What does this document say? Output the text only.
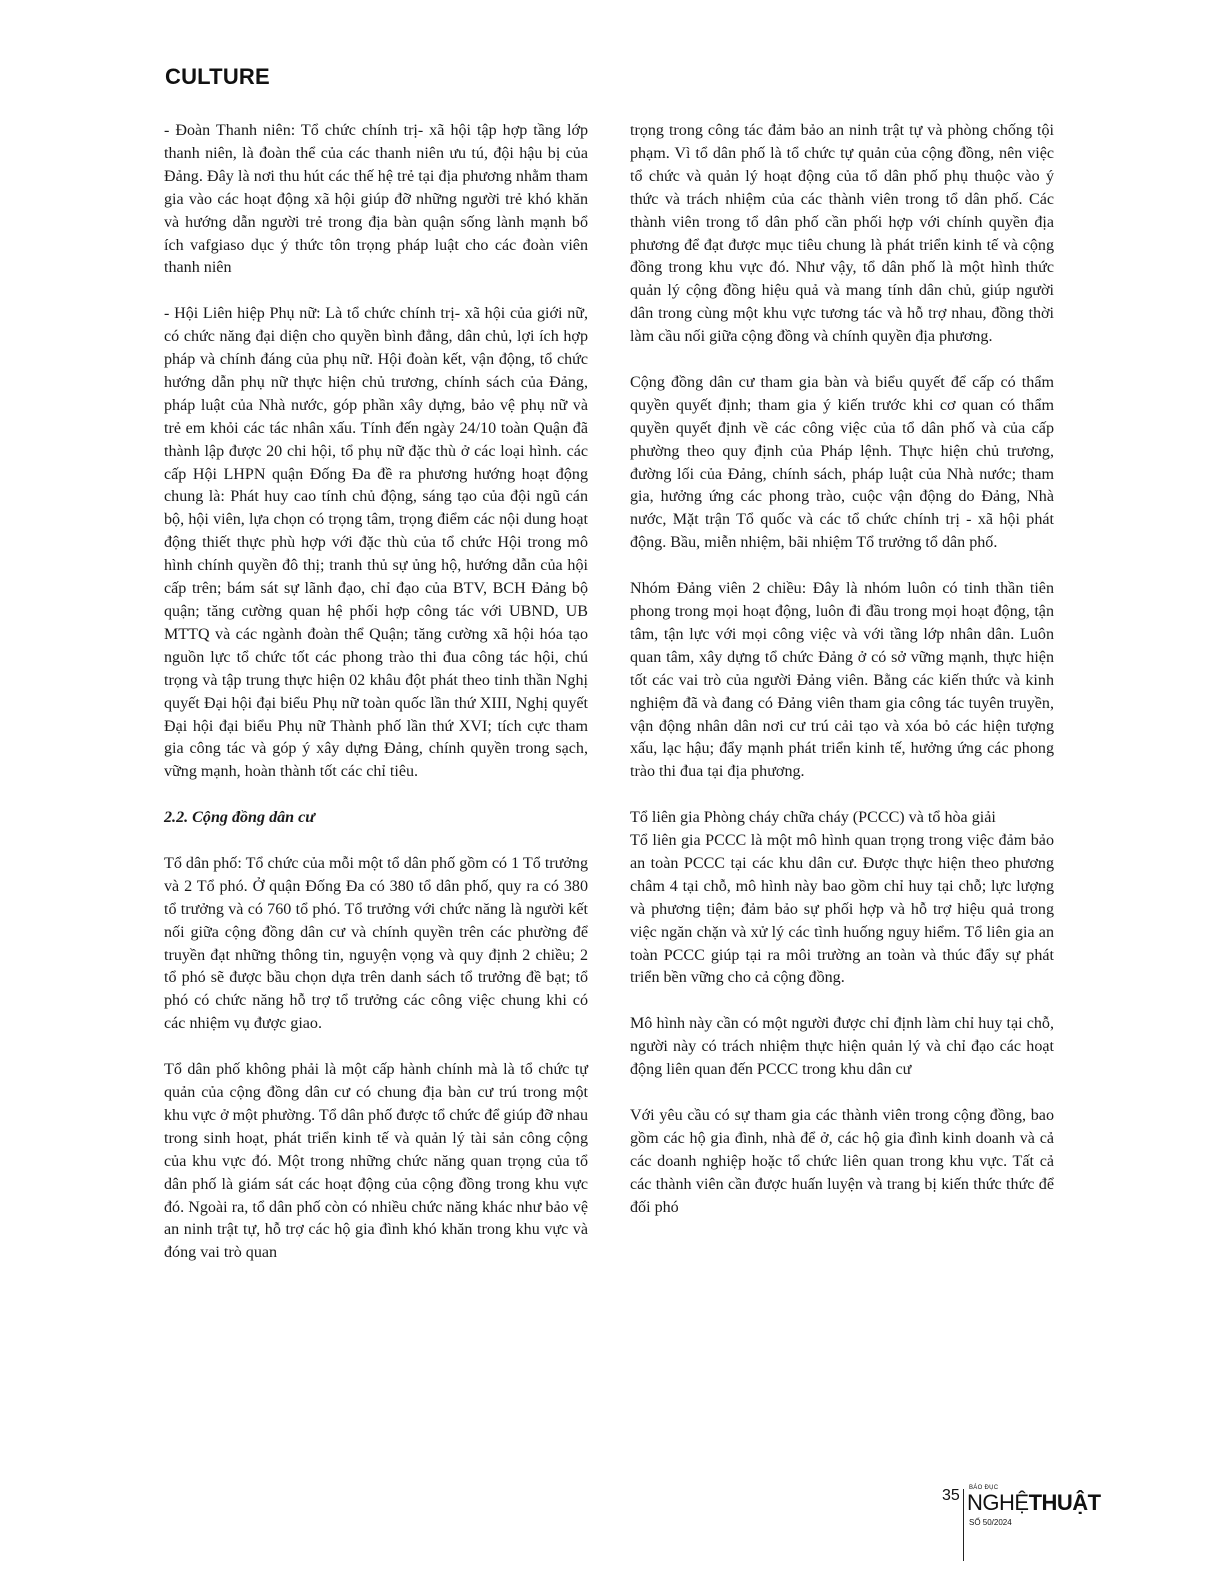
CULTURE

- Đoàn Thanh niên: Tổ chức chính trị- xã hội tập hợp tầng lớp thanh niên, là đoàn thể của các thanh niên ưu tú, đội hậu bị của Đảng. Đây là nơi thu hút các thế hệ trẻ tại địa phương nhằm tham gia vào các hoạt động xã hội giúp đỡ những người trẻ khó khăn và hướng dẫn người trẻ trong địa bàn quận sống lành mạnh bổ ích vafgiaso dục ý thức tôn trọng pháp luật cho các đoàn viên thanh niên

- Hội Liên hiệp Phụ nữ: Là tổ chức chính trị- xã hội của giới nữ, có chức năng đại diện cho quyền bình đẳng, dân chủ, lợi ích hợp pháp và chính đáng của phụ nữ. Hội đoàn kết, vận động, tổ chức hướng dẫn phụ nữ thực hiện chủ trương, chính sách của Đảng, pháp luật của Nhà nước, góp phần xây dựng, bảo vệ phụ nữ và trẻ em khỏi các tác nhân xấu. Tính đến ngày 24/10 toàn Quận đã thành lập được 20 chi hội, tổ phụ nữ đặc thù ở các loại hình. các cấp Hội LHPN quận Đống Đa đề ra phương hướng hoạt động chung là: Phát huy cao tính chủ động, sáng tạo của đội ngũ cán bộ, hội viên, lựa chọn có trọng tâm, trọng điểm các nội dung hoạt động thiết thực phù hợp với đặc thù của tổ chức Hội trong mô hình chính quyền đô thị; tranh thủ sự ủng hộ, hướng dẫn của hội cấp trên; bám sát sự lãnh đạo, chỉ đạo của BTV, BCH Đảng bộ quận; tăng cường quan hệ phối hợp công tác với UBND, UB MTTQ và các ngành đoàn thể Quận; tăng cường xã hội hóa tạo nguồn lực tổ chức tốt các phong trào thi đua công tác hội, chú trọng và tập trung thực hiện 02 khâu đột phát theo tinh thần Nghị quyết Đại hội đại biểu Phụ nữ toàn quốc lần thứ XIII, Nghị quyết Đại hội đại biểu Phụ nữ Thành phố lần thứ XVI; tích cực tham gia công tác và góp ý xây dựng Đảng, chính quyền trong sạch, vững mạnh, hoàn thành tốt các chỉ tiêu.

2.2. Cộng đồng dân cư

Tổ dân phố: Tổ chức của mỗi một tổ dân phố gồm có 1 Tổ trưởng và 2 Tổ phó. Ở quận Đống Đa có 380 tổ dân phố, quy ra có 380 tổ trưởng và có 760 tổ phó. Tổ trưởng với chức năng là người kết nối giữa cộng đồng dân cư và chính quyền trên các phường để truyền đạt những thông tin, nguyện vọng và quy định 2 chiều; 2 tổ phó sẽ được bầu chọn dựa trên danh sách tổ trưởng đề bạt; tổ phó có chức năng hỗ trợ tổ trưởng các công việc chung khi có các nhiệm vụ được giao.

Tổ dân phố không phải là một cấp hành chính mà là tổ chức tự quản của cộng đồng dân cư có chung địa bàn cư trú trong một khu vực ở một phường. Tổ dân phố được tổ chức để giúp đỡ nhau trong sinh hoạt, phát triển kinh tế và quản lý tài sản công cộng của khu vực đó. Một trong những chức năng quan trọng của tổ dân phố là giám sát các hoạt động của cộng đồng trong khu vực đó. Ngoài ra, tổ dân phố còn có nhiều chức năng khác như bảo vệ an ninh trật tự, hỗ trợ các hộ gia đình khó khăn trong khu vực và đóng vai trò quan

trọng trong công tác đảm bảo an ninh trật tự và phòng chống tội phạm. Vì tổ dân phố là tổ chức tự quản của cộng đồng, nên việc tổ chức và quản lý hoạt động của tổ dân phố phụ thuộc vào ý thức và trách nhiệm của các thành viên trong tổ dân phố. Các thành viên trong tổ dân phố cần phối hợp với chính quyền địa phương để đạt được mục tiêu chung là phát triển kinh tế và cộng đồng trong khu vực đó. Như vậy, tổ dân phố là một hình thức quản lý cộng đồng hiệu quả và mang tính dân chủ, giúp người dân trong cùng một khu vực tương tác và hỗ trợ nhau, đồng thời làm cầu nối giữa cộng đồng và chính quyền địa phương.

Cộng đồng dân cư tham gia bàn và biểu quyết để cấp có thẩm quyền quyết định; tham gia ý kiến trước khi cơ quan có thẩm quyền quyết định về các công việc của tổ dân phố và của cấp phường theo quy định của Pháp lệnh. Thực hiện chủ trương, đường lối của Đảng, chính sách, pháp luật của Nhà nước; tham gia, hưởng ứng các phong trào, cuộc vận động do Đảng, Nhà nước, Mặt trận Tổ quốc và các tổ chức chính trị - xã hội phát động. Bầu, miễn nhiệm, bãi nhiệm Tổ trưởng tổ dân phố.

Nhóm Đảng viên 2 chiều: Đây là nhóm luôn có tinh thần tiên phong trong mọi hoạt động, luôn đi đầu trong mọi hoạt động, tận tâm, tận lực với mọi công việc và với tầng lớp nhân dân. Luôn quan tâm, xây dựng tổ chức Đảng ở có sở vững mạnh, thực hiện tốt các vai trò của người Đảng viên. Bằng các kiến thức và kinh nghiệm đã và đang có Đảng viên tham gia công tác tuyên truyền, vận động nhân dân nơi cư trú cải tạo và xóa bỏ các hiện tượng xấu, lạc hậu; đẩy mạnh phát triển kinh tế, hưởng ứng các phong trào thi đua tại địa phương.

Tổ liên gia Phòng cháy chữa cháy (PCCC) và tổ hòa giải

Tổ liên gia PCCC là một mô hình quan trọng trong việc đảm bảo an toàn PCCC tại các khu dân cư. Được thực hiện theo phương châm 4 tại chỗ, mô hình này bao gồm chỉ huy tại chỗ; lực lượng và phương tiện; đảm bảo sự phối hợp và hỗ trợ hiệu quả trong việc ngăn chặn và xử lý các tình huống nguy hiểm. Tổ liên gia an toàn PCCC giúp tại ra môi trường an toàn và thúc đẩy sự phát triển bền vững cho cả cộng đồng.

Mô hình này cần có một người được chỉ định làm chỉ huy tại chỗ, người này có trách nhiệm thực hiện quản lý và chỉ đạo các hoạt động liên quan đến PCCC trong khu dân cư

Với yêu cầu có sự tham gia các thành viên trong cộng đồng, bao gồm các hộ gia đình, nhà để ở, các hộ gia đình kinh doanh và cả các doanh nghiệp hoặc tổ chức liên quan trong khu vực. Tất cả các thành viên cần được huấn luyện và trang bị kiến thức thức để đối phó

35 BÁO ĐỤC
NGHỆTHUẬT
SỐ 50/2024
